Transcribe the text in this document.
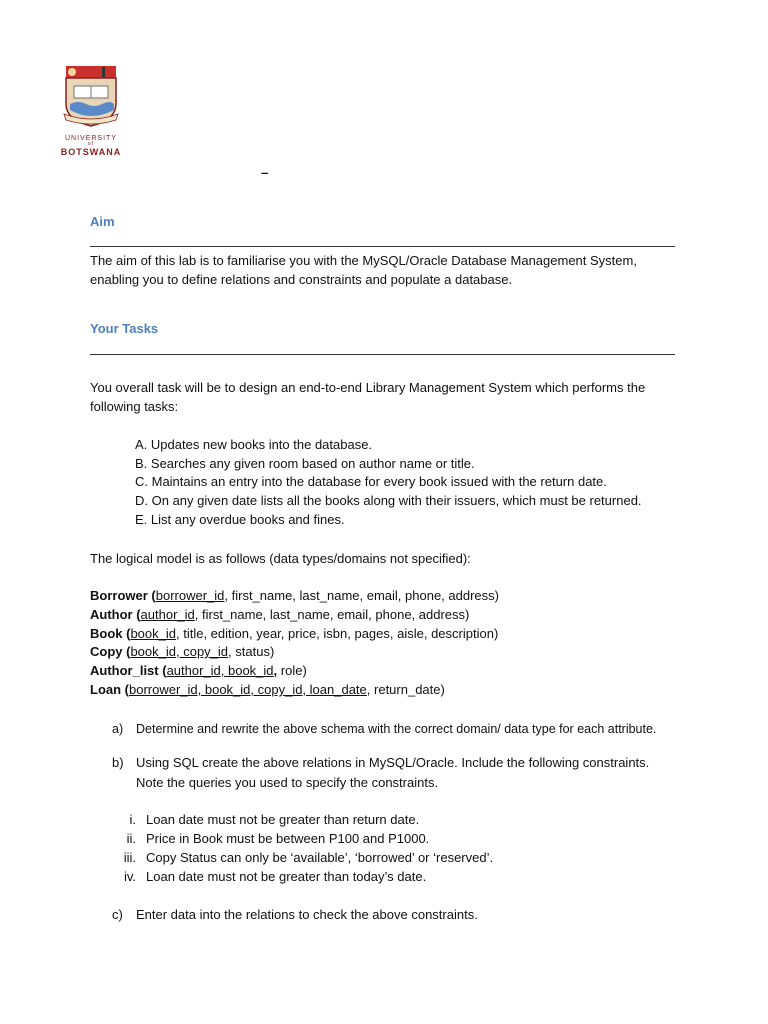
UNIVERSITY
of
BOTSWANA
–
Aim
The aim of this lab is to familiarise you with the MySQL/Oracle Database Management System,
enabling you to define relations and constraints and populate a database.
Your Tasks
You overall task will be to design an end-to-end Library Management System which performs the
following tasks:
A. Updates new books into the database.
B. Searches any given room based on author name or title.
C. Maintains an entry into the database for every book issued with the return date.
D. On any given date lists all the books along with their issuers, which must be returned.
E. List any overdue books and fines.
The logical model is as follows (data types/domains not specified):
Borrower (borrower_id, first_name, last_name, email, phone, address)
Author (author_id, first_name, last_name, email, phone, address)
Book (book_id, title, edition, year, price, isbn, pages, aisle, description)
Copy (book_id, copy_id, status)
Author_list (author_id, book_id, role)
Loan (borrower_id, book_id, copy_id, loan_date, return_date)
a) Determine and rewrite the above schema with the correct domain/ data type for each attribute.
b) Using SQL create the above relations in MySQL/Oracle. Include the following constraints.
Note the queries you used to specify the constraints.
i. Loan date must not be greater than return date.
ii. Price in Book must be between P100 and P1000.
iii. Copy Status can only be ‘available’, ‘borrowed’ or ‘reserved’.
iv. Loan date must not be greater than today’s date.
c) Enter data into the relations to check the above constraints.
